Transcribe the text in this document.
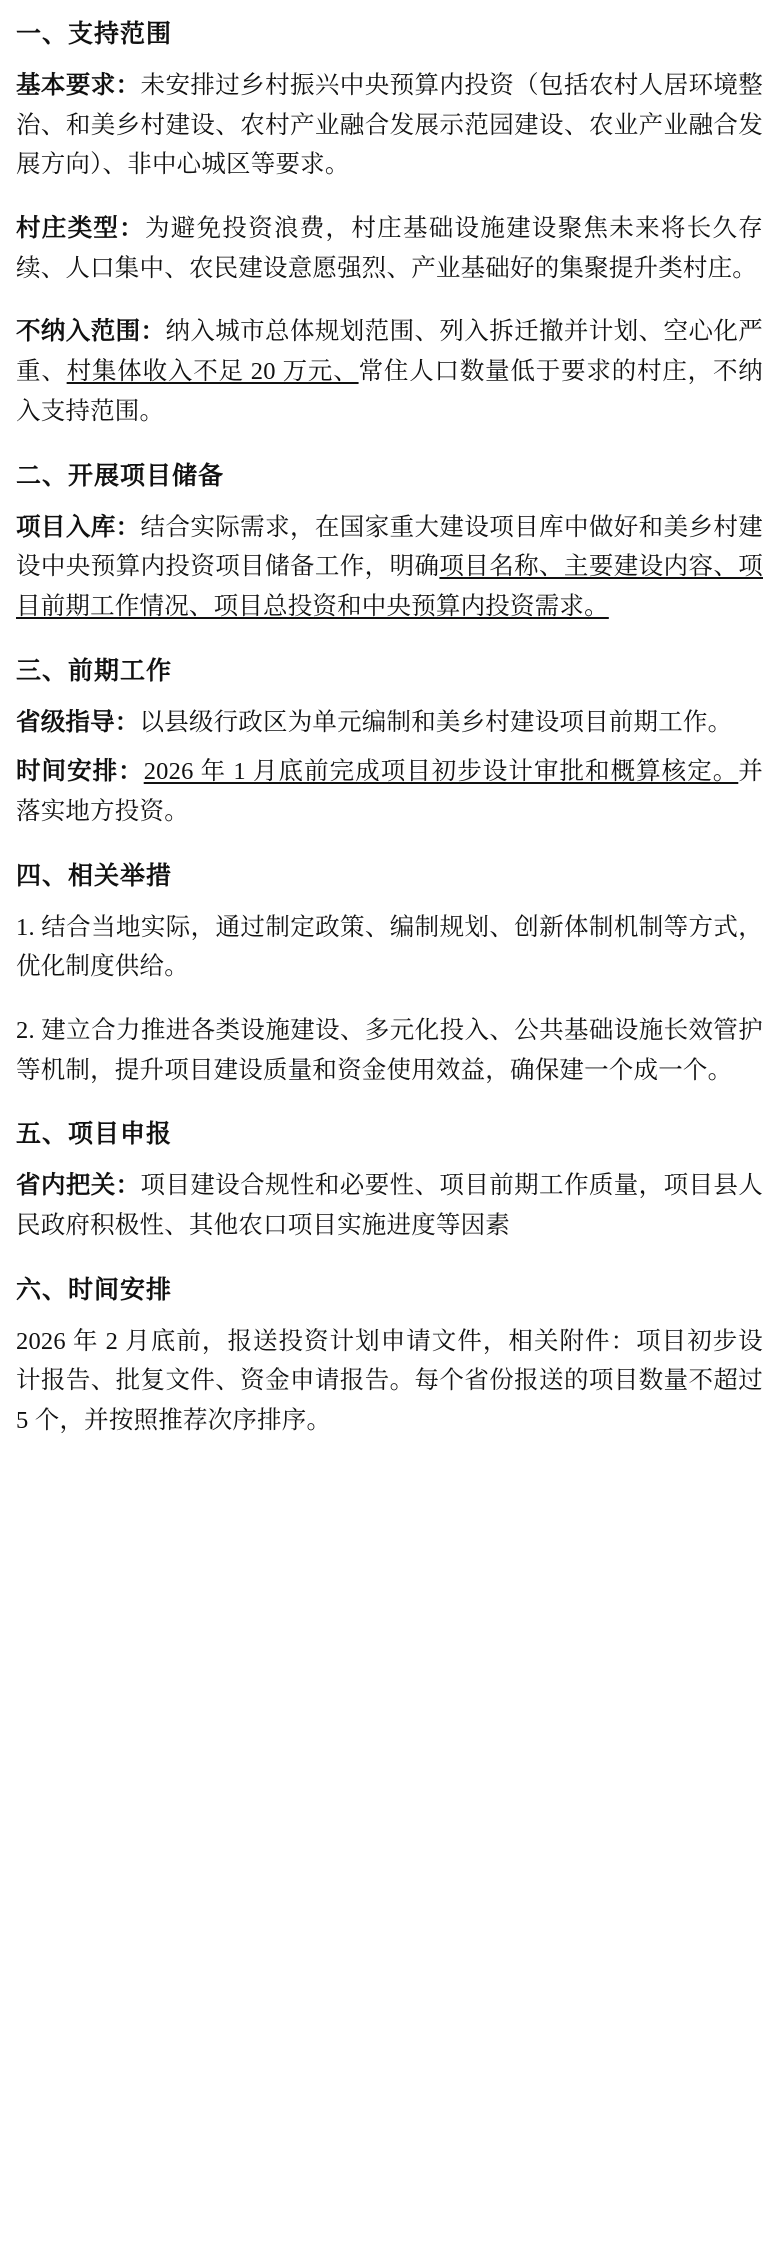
一、支持范围

基本要求：未安排过乡村振兴中央预算内投资（包括农村人居环境整治、和美乡村建设、农村产业融合发展示范园建设、农业产业融合发展方向）、非中心城区等要求。

村庄类型：为避免投资浪费，村庄基础设施建设聚焦未来将长久存续、人口集中、农民建设意愿强烈、产业基础好的集聚提升类村庄。

不纳入范围：纳入城市总体规划范围、列入拆迁撤并计划、空心化严重、村集体收入不足 20 万元、常住人口数量低于要求的村庄，不纳入支持范围。

二、开展项目储备

项目入库：结合实际需求，在国家重大建设项目库中做好和美乡村建设中央预算内投资项目储备工作，明确项目名称、主要建设内容、项目前期工作情况、项目总投资和中央预算内投资需求。

三、前期工作

省级指导：以县级行政区为单元编制和美乡村建设项目前期工作。

时间安排：2026 年 1 月底前完成项目初步设计审批和概算核定。并落实地方投资。

四、相关举措

1. 结合当地实际，通过制定政策、编制规划、创新体制机制等方式，优化制度供给。

2. 建立合力推进各类设施建设、多元化投入、公共基础设施长效管护等机制，提升项目建设质量和资金使用效益，确保建一个成一个。

五、项目申报

省内把关：项目建设合规性和必要性、项目前期工作质量，项目县人民政府积极性、其他农口项目实施进度等因素

六、时间安排

2026 年 2 月底前，报送投资计划申请文件，相关附件：项目初步设计报告、批复文件、资金申请报告。每个省份报送的项目数量不超过 5 个，并按照推荐次序排序。
